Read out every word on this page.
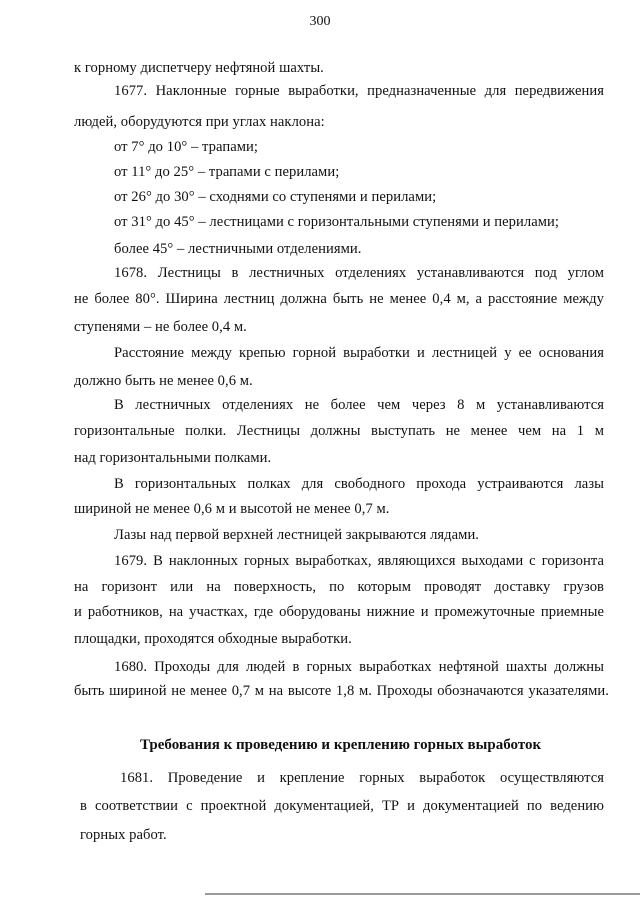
300
к горному диспетчеру нефтяной шахты.
1677. Наклонные горные выработки, предназначенные для передвижения
людей, оборудуются при углах наклона:
от 7° до 10° – трапами;
от 11° до 25° – трапами с перилами;
от 26° до 30° – сходнями со ступенями и перилами;
от 31° до 45° – лестницами с горизонтальными ступенями и перилами;
более 45° – лестничными отделениями.
1678. Лестницы в лестничных отделениях устанавливаются под углом
не более 80°. Ширина лестниц должна быть не менее 0,4 м, а расстояние между
ступенями – не более 0,4 м.
Расстояние между крепью горной выработки и лестницей у ее основания
должно быть не менее 0,6 м.
В лестничных отделениях не более чем через 8 м устанавливаются
горизонтальные полки. Лестницы должны выступать не менее чем на 1 м
над горизонтальными полками.
В горизонтальных полках для свободного прохода устраиваются лазы
шириной не менее 0,6 м и высотой не менее 0,7 м.
Лазы над первой верхней лестницей закрываются лядами.
1679. В наклонных горных выработках, являющихся выходами с горизонта
на горизонт или на поверхность, по которым проводят доставку грузов
и работников, на участках, где оборудованы нижние и промежуточные приемные
площадки, проходятся обходные выработки.
1680. Проходы для людей в горных выработках нефтяной шахты должны
быть шириной не менее 0,7 м на высоте 1,8 м. Проходы обозначаются указателями.
Требования к проведению и креплению горных выработок
1681. Проведение и крепление горных выработок осуществляются
в соответствии с проектной документацией, ТР и документацией по ведению
горных работ.
